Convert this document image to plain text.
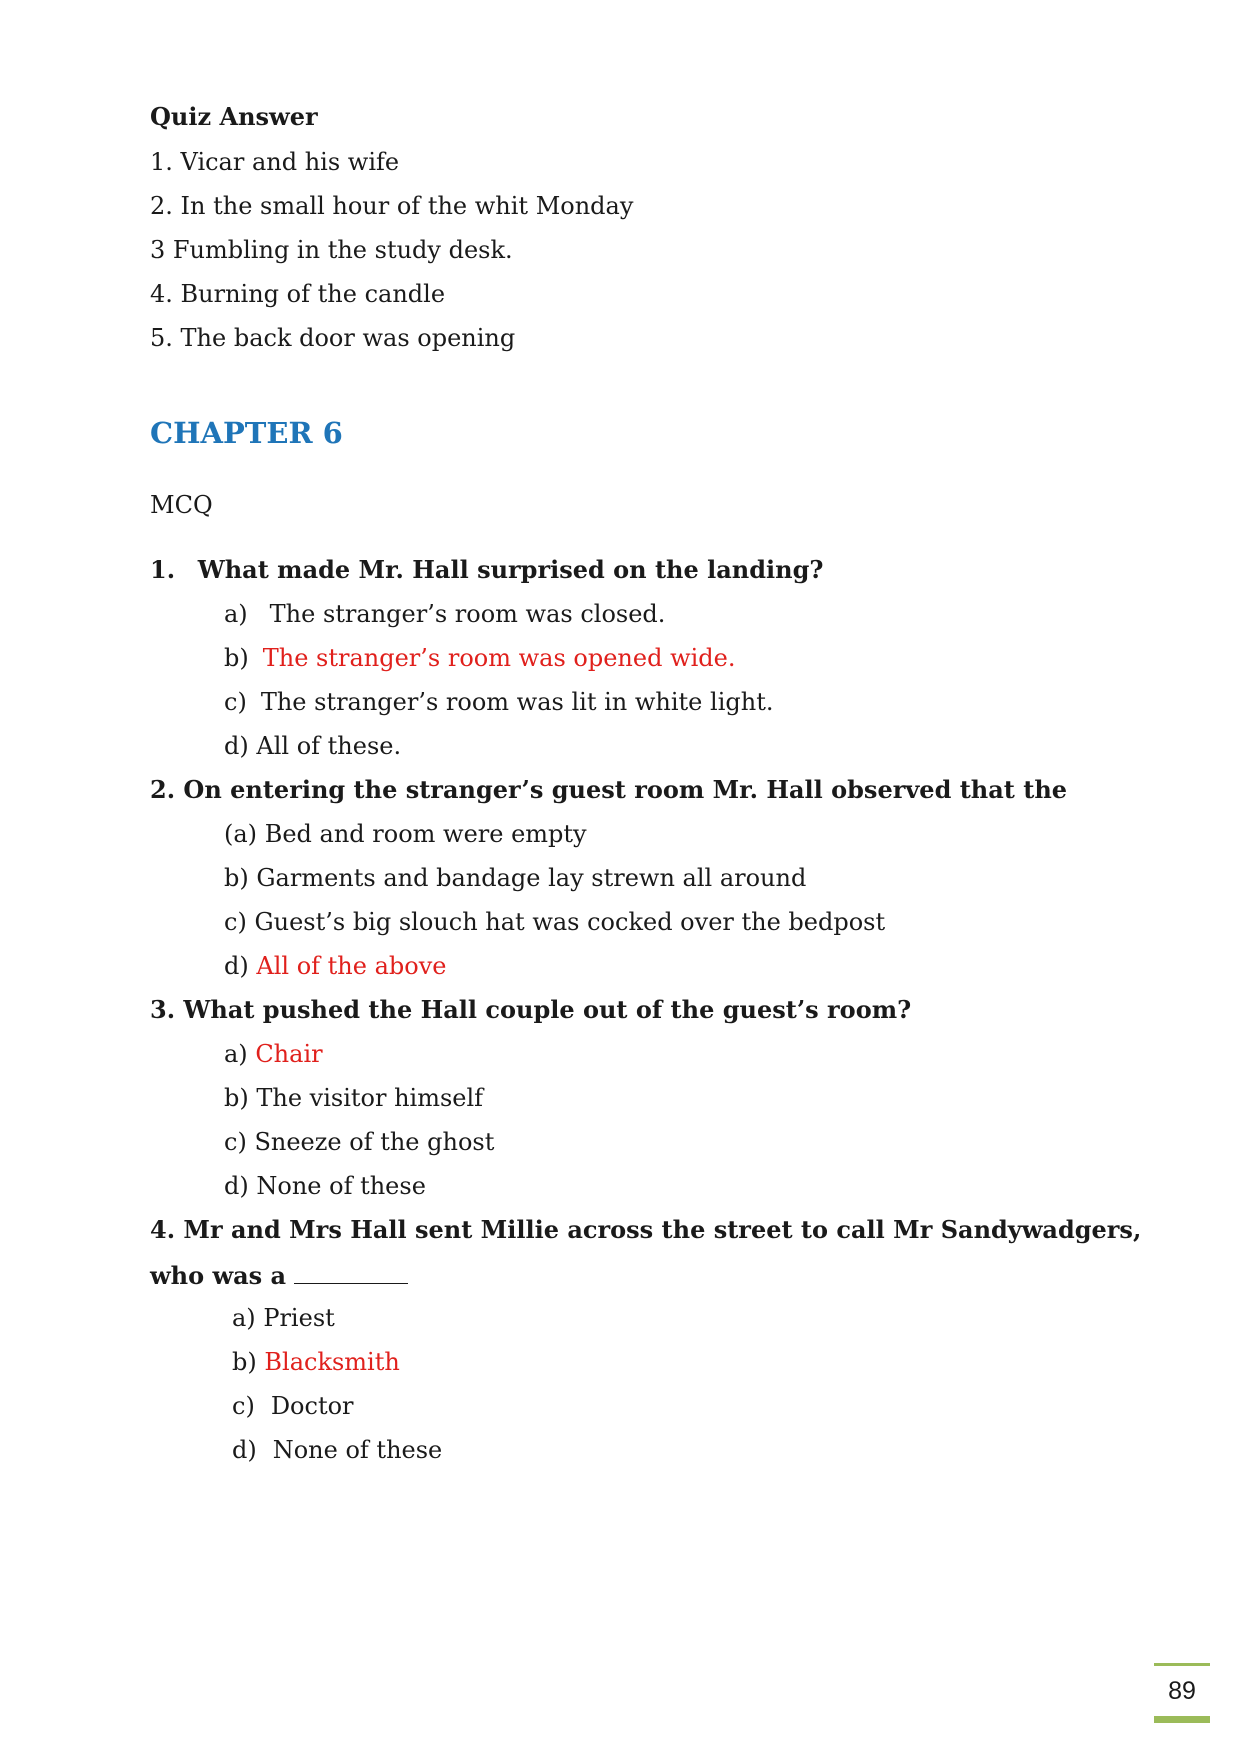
Quiz Answer
1. Vicar and his wife
2. In the small hour of the whit Monday
3 Fumbling in the study desk.
4. Burning of the candle
5. The back door was opening
CHAPTER 6
MCQ
1. What made Mr. Hall surprised on the landing?
a) The stranger’s room was closed.
b) The stranger’s room was opened wide.
c) The stranger’s room was lit in white light.
d) All of these.
2. On entering the stranger’s guest room Mr. Hall observed that the
(a) Bed and room were empty
b) Garments and bandage lay strewn all around
c) Guest’s big slouch hat was cocked over the bedpost
d) All of the above
3. What pushed the Hall couple out of the guest’s room?
a) Chair
b) The visitor himself
c) Sneeze of the ghost
d) None of these
4. Mr and Mrs Hall sent Millie across the street to call Mr Sandywadgers,
who was a
a) Priest
b) Blacksmith
c) Doctor
d) None of these
89
